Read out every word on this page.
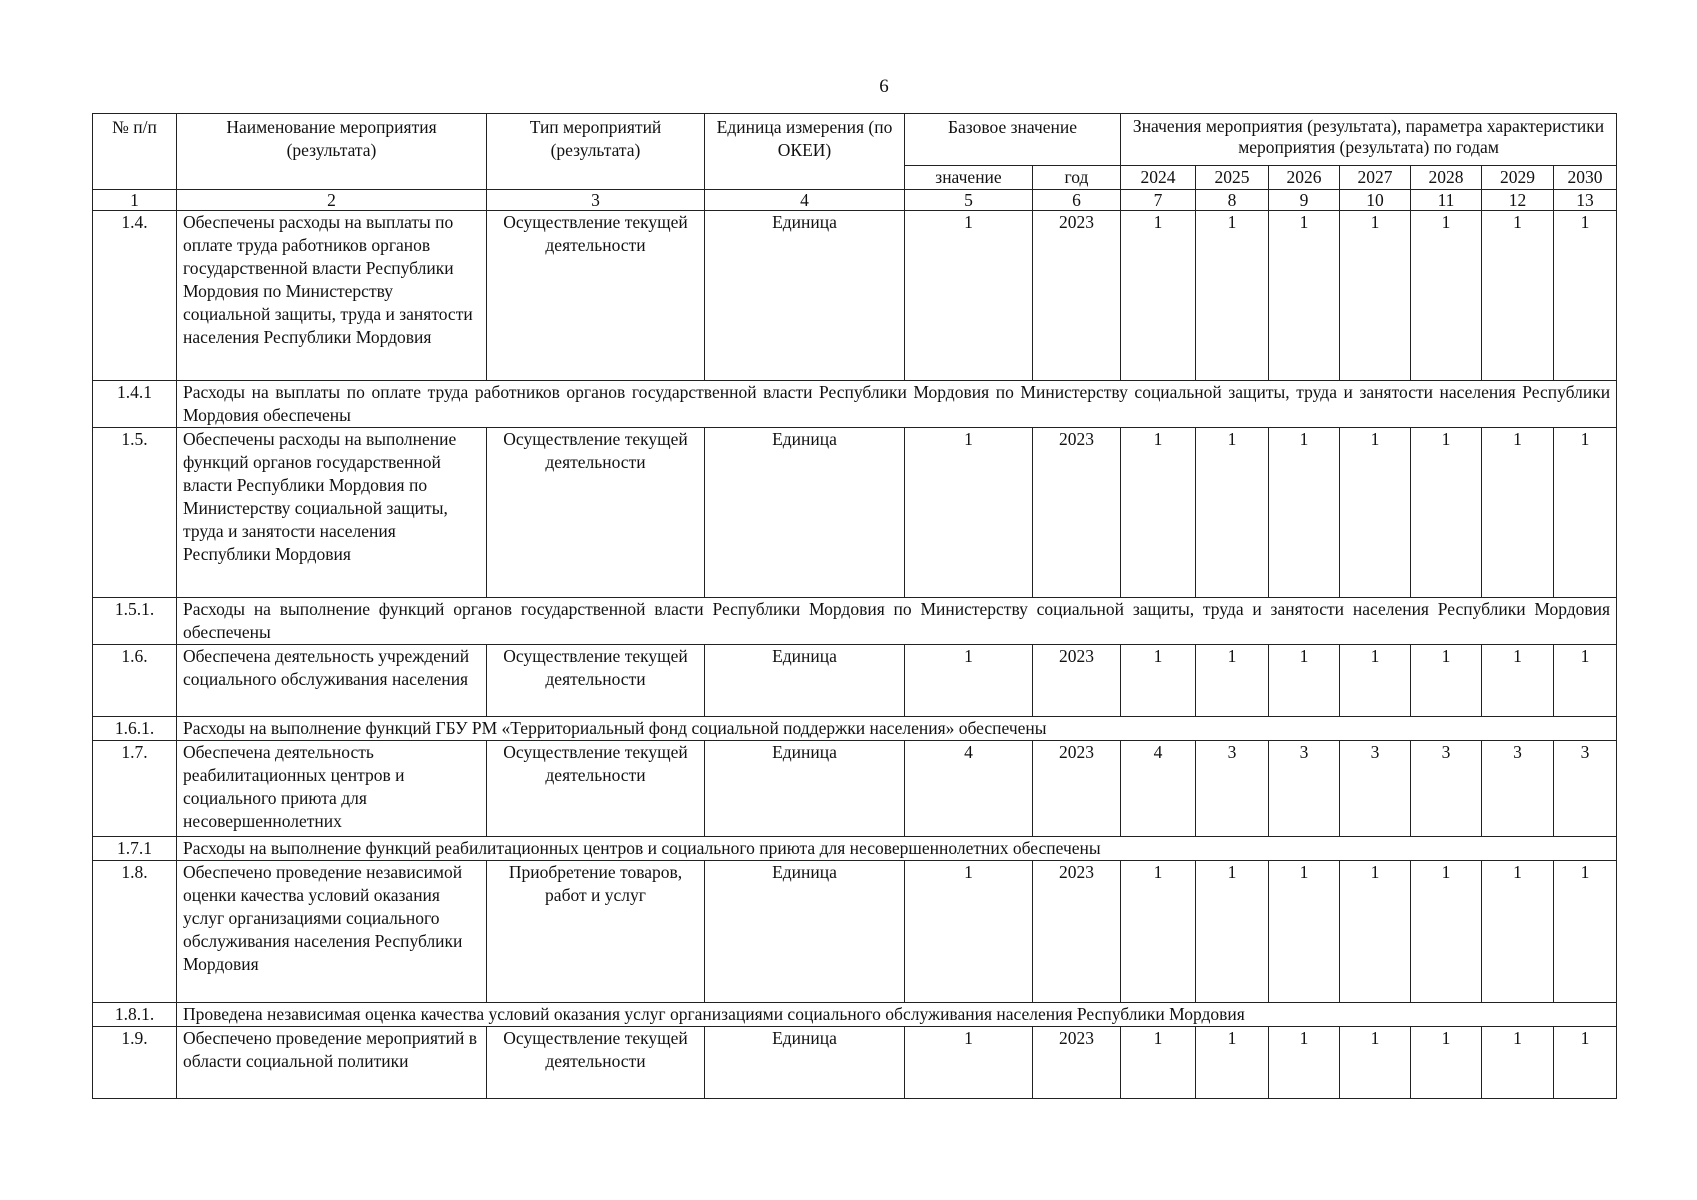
6
№ п/п	Наименование мероприятия (результата)	Тип мероприятий (результата)	Единица измерения (по ОКЕИ)	Базовое значение		Значения мероприятия (результата), параметра характеристики мероприятия (результата) по годам						
				значение	год	2024	2025	2026	2027	2028	2029	2030
1	2	3	4	5	6	7	8	9	10	11	12	13
1.4.	Обеспечены расходы на выплаты по оплате труда работников органов государственной власти Республики Мордовия по Министерству социальной защиты, труда и занятости населения Республики Мордовия	Осуществление текущей деятельности	Единица	1	2023	1	1	1	1	1	1	1
1.4.1	Расходы на выплаты по оплате труда работников органов государственной власти Республики Мордовия по Министерству социальной защиты, труда и занятости населения Республики Мордовия обеспечены											
1.5.	Обеспечены расходы на выполнение функций органов государственной власти Республики Мордовия по Министерству социальной защиты, труда и занятости населения Республики Мордовия	Осуществление текущей деятельности	Единица	1	2023	1	1	1	1	1	1	1
1.5.1.	Расходы на выполнение функций органов государственной власти Республики Мордовия по Министерству социальной защиты, труда и занятости населения Республики Мордовия обеспечены											
1.6.	Обеспечена деятельность учреждений социального обслуживания населения	Осуществление текущей деятельности	Единица	1	2023	1	1	1	1	1	1	1
1.6.1.	Расходы на выполнение функций ГБУ РМ «Территориальный фонд социальной поддержки населения» обеспечены											
1.7.	Обеспечена деятельность реабилитационных центров и социального приюта для несовершеннолетних	Осуществление текущей деятельности	Единица	4	2023	4	3	3	3	3	3	3
1.7.1	Расходы на выполнение функций реабилитационных центров и социального приюта для несовершеннолетних обеспечены											
1.8.	Обеспечено проведение независимой оценки качества условий оказания услуг организациями социального обслуживания населения Республики Мордовия	Приобретение товаров, работ и услуг	Единица	1	2023	1	1	1	1	1	1	1
1.8.1.	Проведена независимая оценка качества условий оказания услуг организациями социального обслуживания населения Республики Мордовия											
1.9.	Обеспечено проведение мероприятий в области социальной политики	Осуществление текущей деятельности	Единица	1	2023	1	1	1	1	1	1	1
